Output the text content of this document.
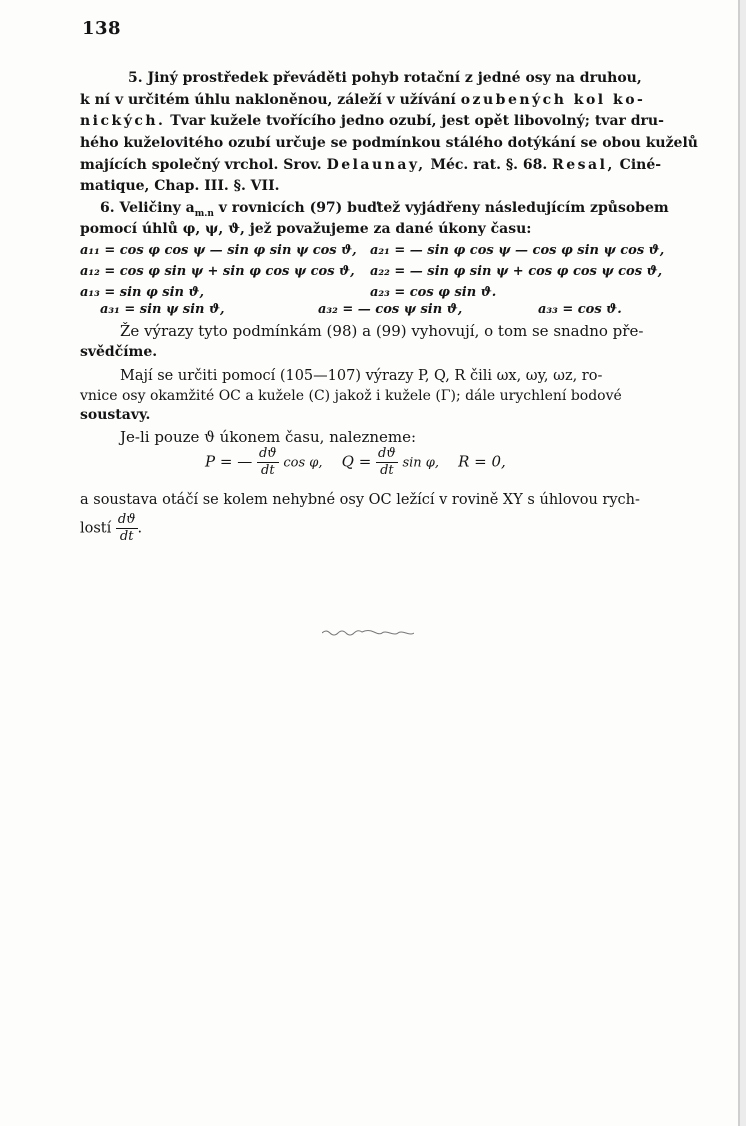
138
5. Jiný prostředek převáděti pohyb rotační z jedné osy na druhou,
k ní v určitém úhlu nakloněnou, záleží v užívání ozubených kol ko-
nických. Tvar kužele tvořícího jedno ozubí, jest opět libovolný; tvar dru-
hého kuželovitého ozubí určuje se podmínkou stálého dotýkání se obou kuželů
majících společný vrchol. Srov. Delaunay, Méc. rat. §. 68. Resal, Ciné-
matique, Chap. III. §. VII.
6. Veličiny $a_{m.n}$ v rovnicích (97) buďtež vyjádřeny následujícím způsobem
pomocí úhlů φ, ψ, ϑ, jež považujeme za dané úkony času:
a₁₁ = cos φ cos ψ — sin φ sin ψ cos ϑ, a₂₁ = — sin φ cos ψ — cos φ sin ψ cos ϑ,
a₁₂ = cos φ sin ψ + sin φ cos ψ cos ϑ, a₂₂ = — sin φ sin ψ + cos φ cos ψ cos ϑ,
a₁₃ = sin φ sin ϑ,	a₂₃ = cos φ sin ϑ.
a₃₁ = sin ψ sin ϑ,	a₃₂ = — cos ψ sin ϑ,	a₃₃ = cos ϑ.
Že výrazy tyto podmínkám (98) a (99) vyhovují, o tom se snadno pře-
svědčíme.
Mají se určiti pomocí (105—107) výrazy P, Q, R čili ωx, ωy, ωz, ro-
vnice osy okamžité OC a kužele (C) jakož i kužele (Γ); dále urychlení bodové
soustavy.
Je-li pouze ϑ úkonem času, nalezneme:
P = — $\frac{dϑ}{dt}$ cos φ, $Q = \frac{dϑ}{dt}$ sin φ, R = 0,
a soustava otáčí se kolem nehybné osy OC ležící v rovině XY s úhlovou rych-
lostí $\frac{dϑ}{dt}$ .
